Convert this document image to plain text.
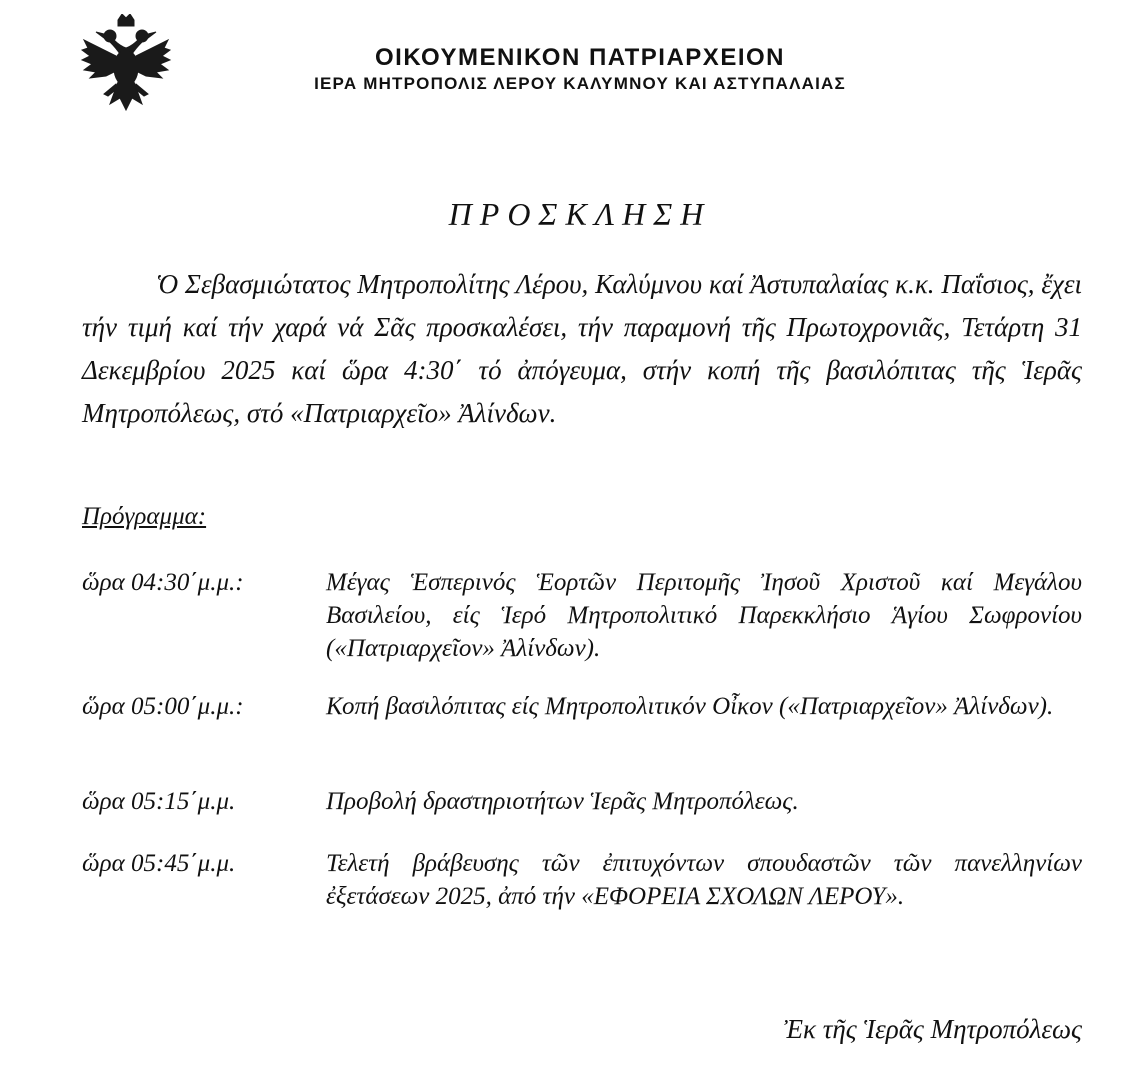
ΟΙΚΟΥΜΕΝΙΚΟΝ ΠΑΤΡΙΑΡΧΕΙΟΝ
ΙΕΡΑ ΜΗΤΡΟΠΟΛΙΣ ΛΕΡΟΥ ΚΑΛΥΜΝΟΥ ΚΑΙ ΑΣΤΥΠΑΛΑΙΑΣ
ΠΡΟΣΚΛΗΣΗ

Ὁ Σεβασμιώτατος Μητροπολίτης Λέρου, Καλύμνου καί Ἀστυπαλαίας κ.κ. Παΐσιος, ἔχει τήν τιμή καί τήν χαρά νά Σᾶς προσκαλέσει, τήν παραμονή τῆς Πρωτοχρονιᾶς, Τετάρτη 31 Δεκεμβρίου 2025 καί ὥρα 4:30΄ τό ἀπόγευμα, στήν κοπή τῆς βασιλόπιτας τῆς Ἱερᾶς Μητροπόλεως, στό «Πατριαρχεῖο» Ἀλίνδων.

Πρόγραμμα:

ὥρα 04:30΄μ.μ.:	Μέγας Ἑσπερινός Ἑορτῶν Περιτομῆς Ἰησοῦ Χριστοῦ καί Μεγάλου Βασιλείου, είς Ἱερό Μητροπολιτικό Παρεκκλήσιο Ἁγίου Σωφρονίου («Πατριαρχεῖον» Ἀλίνδων).

ὥρα 05:00΄μ.μ.:	Κοπή βασιλόπιτας είς Μητροπολιτικόν Οἶκον («Πατριαρχεῖον» Ἀλίνδων).

ὥρα 05:15΄μ.μ.	Προβολή δραστηριοτήτων Ἱερᾶς Μητροπόλεως.

ὥρα 05:45΄μ.μ.	Τελετή βράβευσης τῶν ἐπιτυχόντων σπουδαστῶν τῶν πανελληνίων ἐξετάσεων 2025, ἀπό τήν «ΕΦΟΡΕΙΑ ΣΧΟΛΩΝ ΛΕΡΟΥ».

Ἐκ τῆς Ἱερᾶς Μητροπόλεως
